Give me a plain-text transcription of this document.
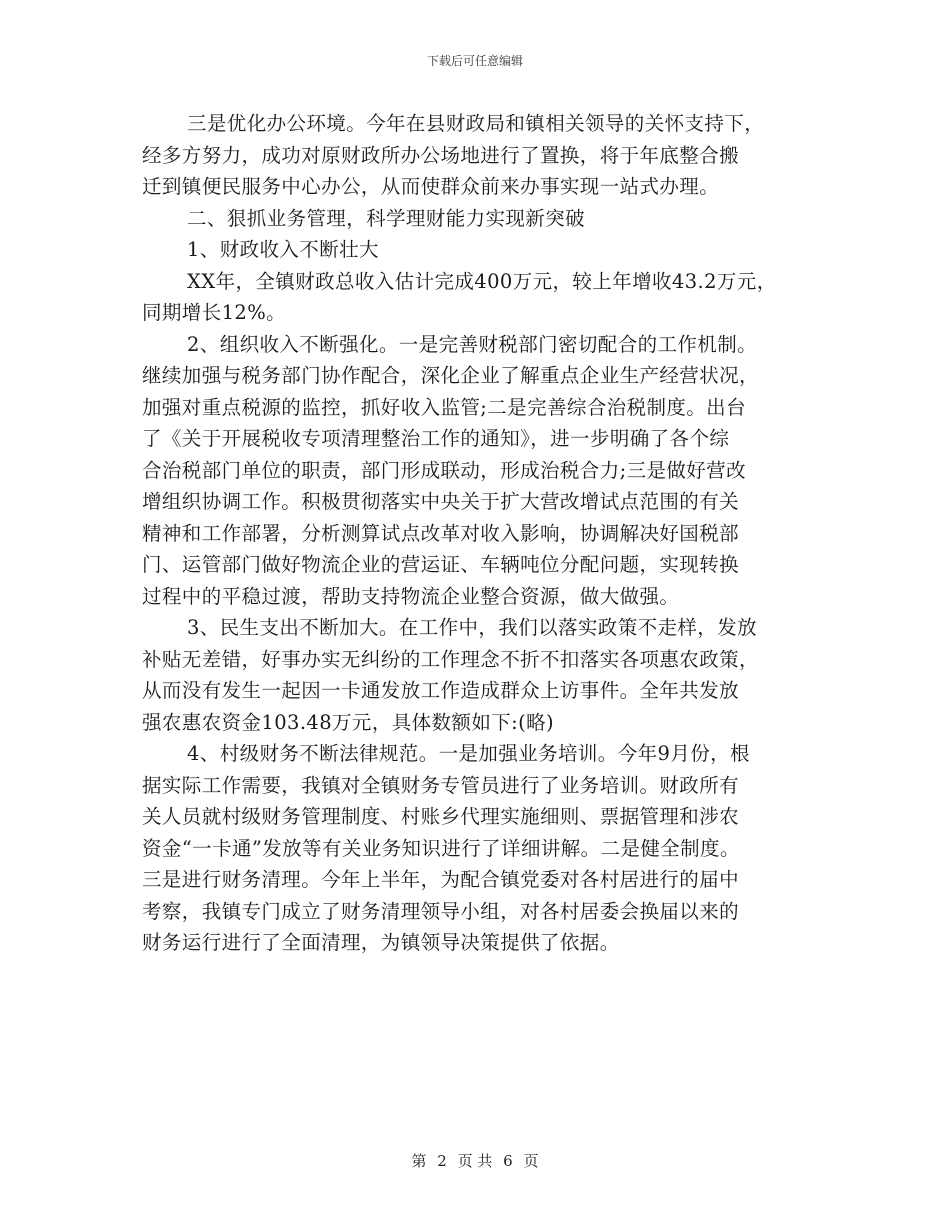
下载后可任意编辑
三是优化办公环境。今年在县财政局和镇相关领导的关怀支持下，
经多方努力，成功对原财政所办公场地进行了置换，将于年底整合搬
迁到镇便民服务中心办公，从而使群众前来办事实现一站式办理。
二、狠抓业务管理，科学理财能力实现新突破
1、财政收入不断壮大
XX年，全镇财政总收入估计完成400万元，较上年增收43.2万元，
同期增长12%。
2、组织收入不断强化。一是完善财税部门密切配合的工作机制。
继续加强与税务部门协作配合，深化企业了解重点企业生产经营状况，
加强对重点税源的监控，抓好收入监管;二是完善综合治税制度。出台
了《关于开展税收专项清理整治工作的通知》，进一步明确了各个综
合治税部门单位的职责，部门形成联动，形成治税合力;三是做好营改
增组织协调工作。积极贯彻落实中央关于扩大营改增试点范围的有关
精神和工作部署，分析测算试点改革对收入影响，协调解决好国税部
门、运管部门做好物流企业的营运证、车辆吨位分配问题，实现转换
过程中的平稳过渡，帮助支持物流企业整合资源，做大做强。
3、民生支出不断加大。在工作中，我们以落实政策不走样，发放
补贴无差错，好事办实无纠纷的工作理念不折不扣落实各项惠农政策，
从而没有发生一起因一卡通发放工作造成群众上访事件。全年共发放
强农惠农资金103.48万元，具体数额如下:(略)
4、村级财务不断法律规范。一是加强业务培训。今年9月份，根
据实际工作需要，我镇对全镇财务专管员进行了业务培训。财政所有
关人员就村级财务管理制度、村账乡代理实施细则、票据管理和涉农
资金“一卡通”发放等有关业务知识进行了详细讲解。二是健全制度。
三是进行财务清理。今年上半年，为配合镇党委对各村居进行的届中
考察，我镇专门成立了财务清理领导小组，对各村居委会换届以来的
财务运行进行了全面清理，为镇领导决策提供了依据。
第 2 页 共 6 页
